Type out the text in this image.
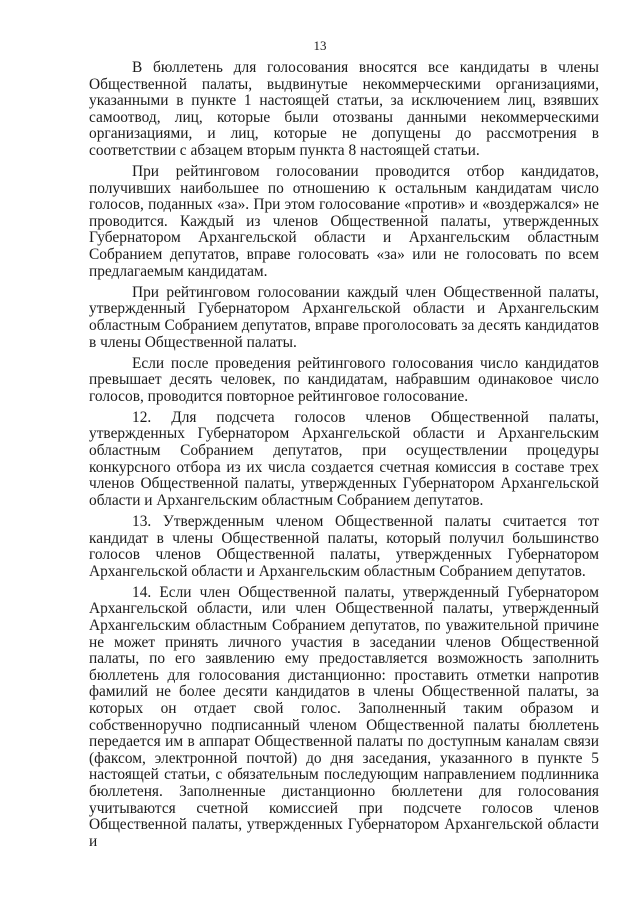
13

В бюллетень для голосования вносятся все кандидаты в члены Общественной палаты, выдвинутые некоммерческими организациями, указанными в пункте 1 настоящей статьи, за исключением лиц, взявших самоотвод, лиц, которые были отозваны данными некоммерческими организациями, и лиц, которые не допущены до рассмотрения в соответствии с абзацем вторым пункта 8 настоящей статьи.

При рейтинговом голосовании проводится отбор кандидатов, получивших наибольшее по отношению к остальным кандидатам число голосов, поданных «за». При этом голосование «против» и «воздержался» не проводится. Каждый из членов Общественной палаты, утвержденных Губернатором Архангельской области и Архангельским областным Собранием депутатов, вправе голосовать «за» или не голосовать по всем предлагаемым кандидатам.

При рейтинговом голосовании каждый член Общественной палаты, утвержденный Губернатором Архангельской области и Архангельским областным Собранием депутатов, вправе проголосовать за десять кандидатов в члены Общественной палаты.

Если после проведения рейтингового голосования число кандидатов превышает десять человек, по кандидатам, набравшим одинаковое число голосов, проводится повторное рейтинговое голосование.

12. Для подсчета голосов членов Общественной палаты, утвержденных Губернатором Архангельской области и Архангельским областным Собранием депутатов, при осуществлении процедуры конкурсного отбора из их числа создается счетная комиссия в составе трех членов Общественной палаты, утвержденных Губернатором Архангельской области и Архангельским областным Собранием депутатов.

13. Утвержденным членом Общественной палаты считается тот кандидат в члены Общественной палаты, который получил большинство голосов членов Общественной палаты, утвержденных Губернатором Архангельской области и Архангельским областным Собранием депутатов.

14. Если член Общественной палаты, утвержденный Губернатором Архангельской области, или член Общественной палаты, утвержденный Архангельским областным Собранием депутатов, по уважительной причине не может принять личного участия в заседании членов Общественной палаты, по его заявлению ему предоставляется возможность заполнить бюллетень для голосования дистанционно: проставить отметки напротив фамилий не более десяти кандидатов в члены Общественной палаты, за которых он отдает свой голос. Заполненный таким образом и собственноручно подписанный членом Общественной палаты бюллетень передается им в аппарат Общественной палаты по доступным каналам связи (факсом, электронной почтой) до дня заседания, указанного в пункте 5 настоящей статьи, с обязательным последующим направлением подлинника бюллетеня. Заполненные дистанционно бюллетени для голосования учитываются счетной комиссией при подсчете голосов членов Общественной палаты, утвержденных Губернатором Архангельской области и
